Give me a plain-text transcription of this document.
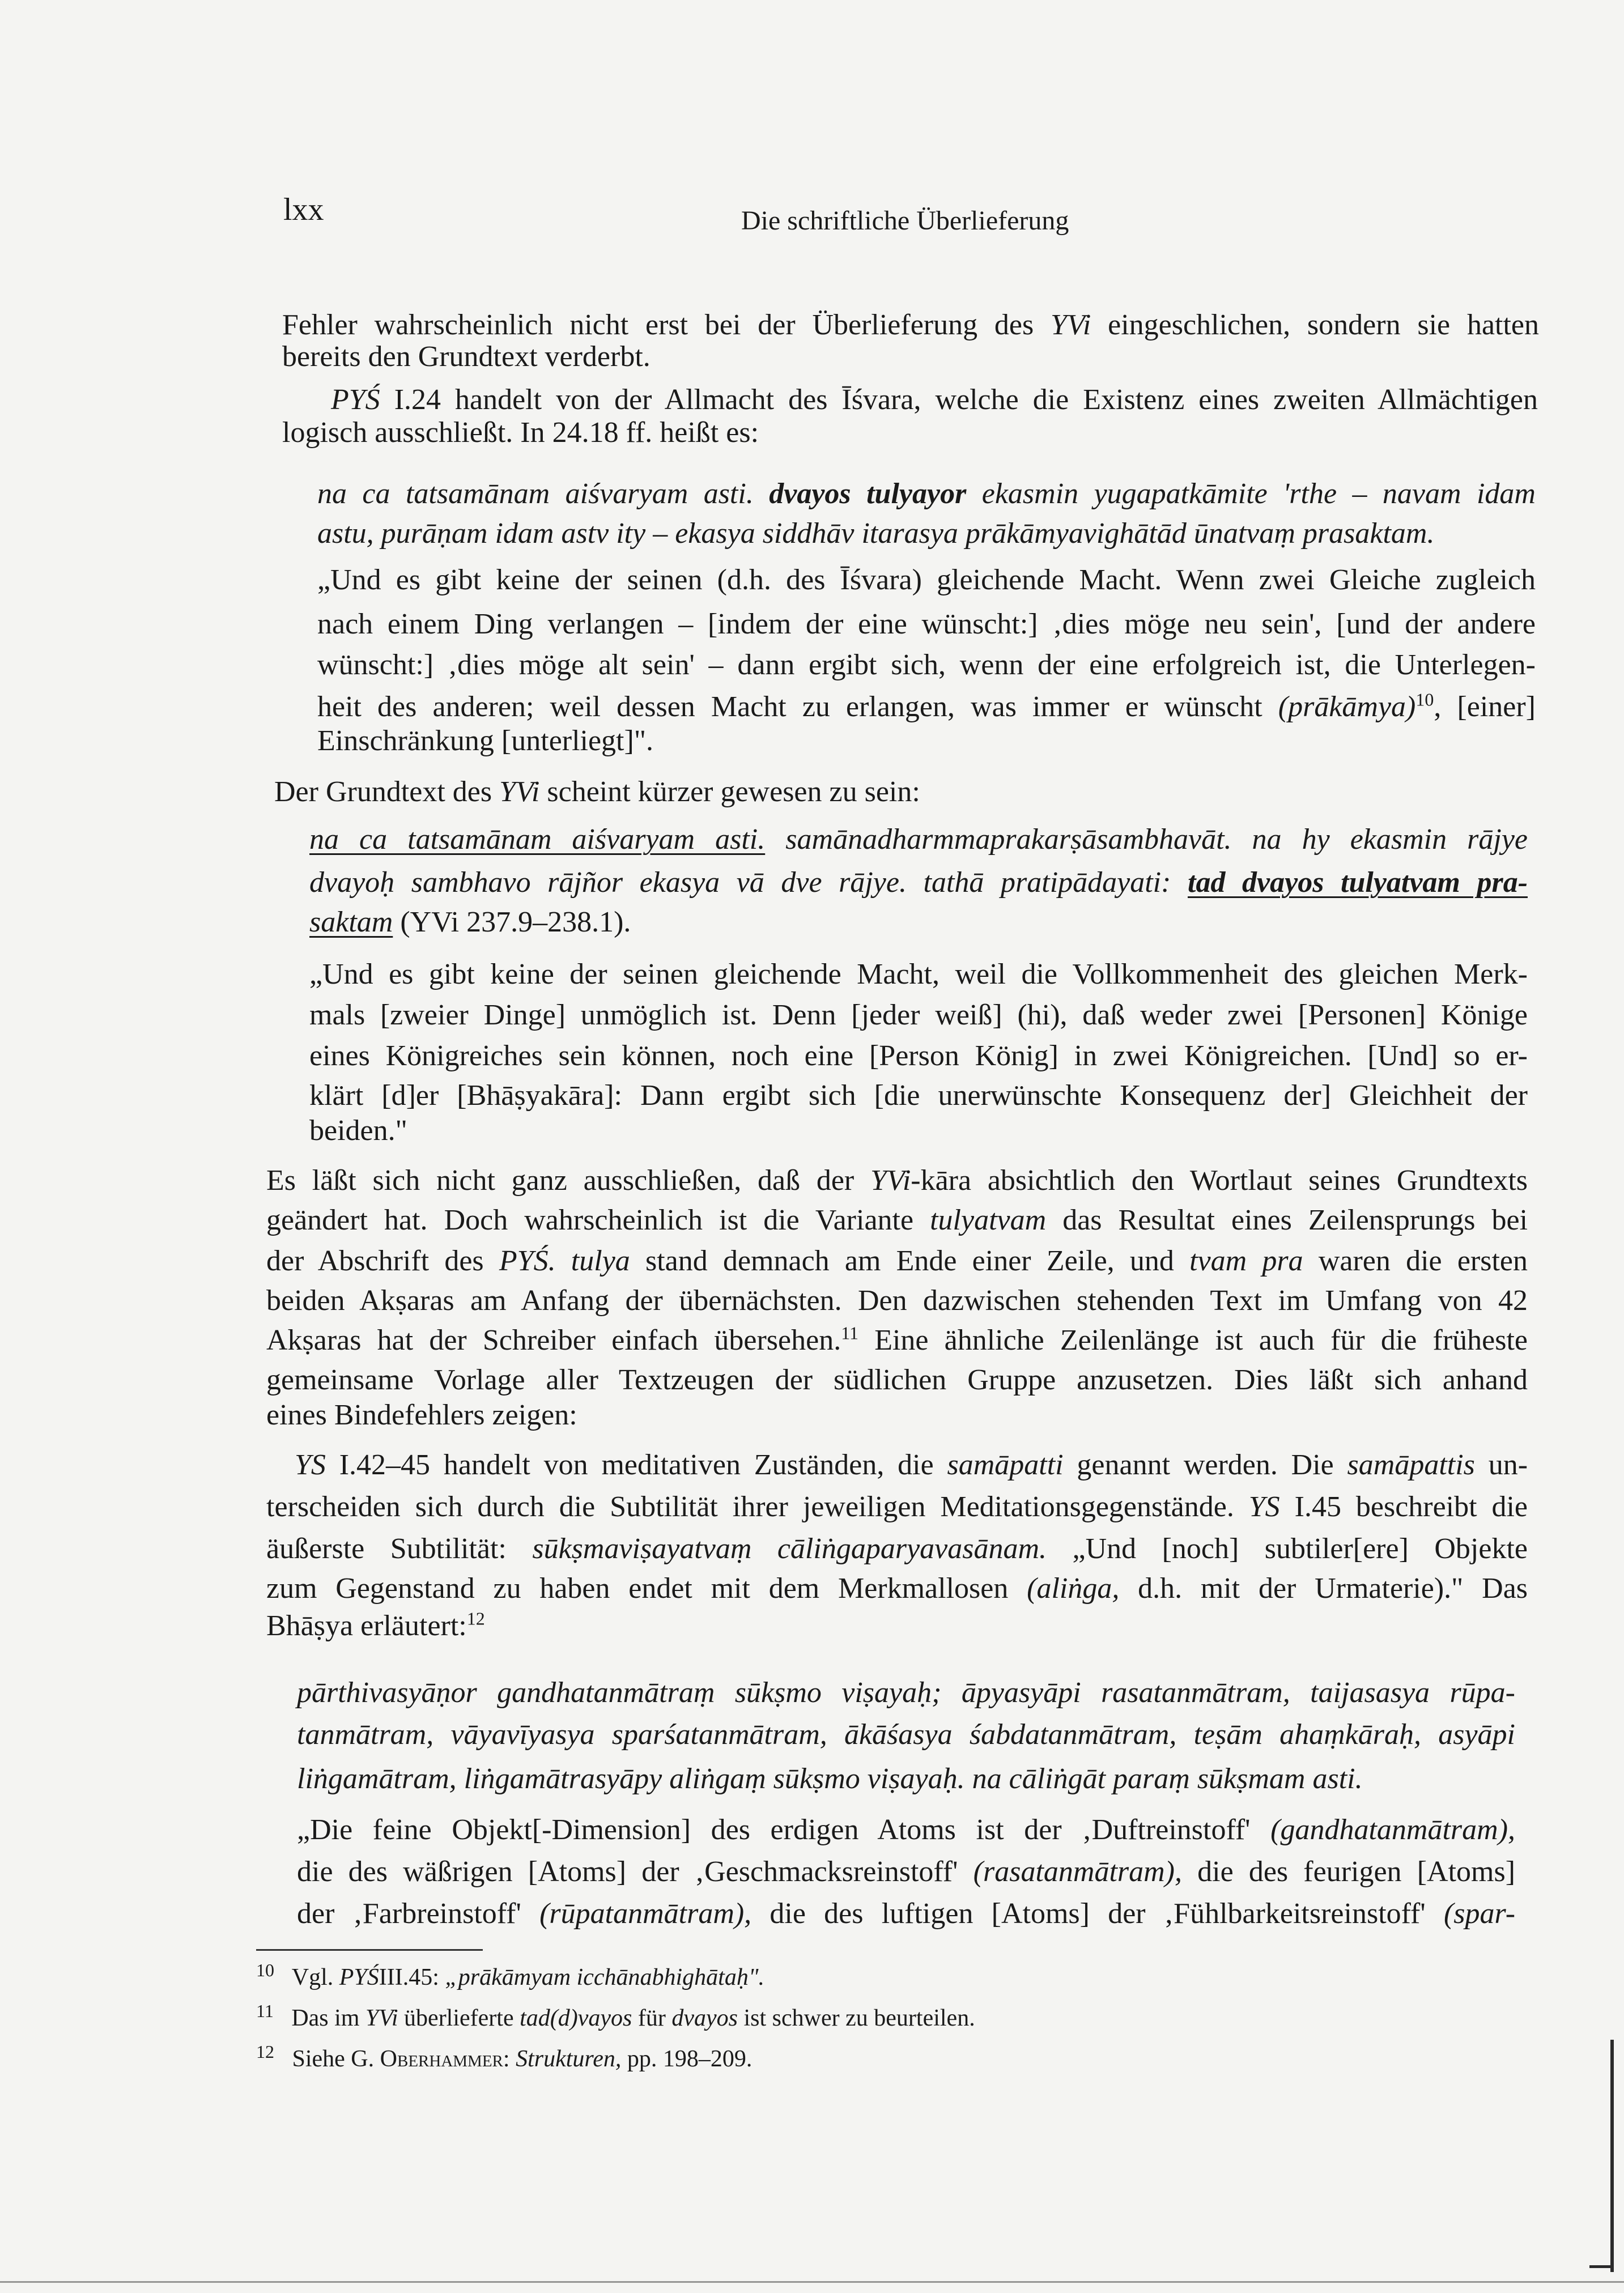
lxx	Die schriftliche Überlieferung
Fehler wahrscheinlich nicht erst bei der Überlieferung des YVi eingeschlichen, sondern sie hatten
bereits den Grundtext verderbt.
PYŚ I.24 handelt von der Allmacht des Īśvara, welche die Existenz eines zweiten Allmächtigen
logisch ausschließt. In 24.18 ff. heißt es:
na ca tatsamānam aiśvaryam asti. dvayos tulyayor ekasmin yugapatkāmite 'rthe – navam idam
astu, purāṇam idam astv ity – ekasya siddhāv itarasya prākāmyavighātād ūnatvaṃ prasaktam.
„Und es gibt keine der seinen (d.h. des Īśvara) gleichende Macht. Wenn zwei Gleiche zugleich
nach einem Ding verlangen – [indem der eine wünscht:] ‚dies möge neu sein', [und der andere
wünscht:] ‚dies möge alt sein' – dann ergibt sich, wenn der eine erfolgreich ist, die Unterlegen-
heit des anderen; weil dessen Macht zu erlangen, was immer er wünscht (prākāmya)$^{10}$, [einer]
Einschränkung [unterliegt]".
Der Grundtext des YVi scheint kürzer gewesen zu sein:
na ca tatsamānam aiśvaryam asti. samānadharmmaprakarṣāsambhavāt. na hy ekasmin rājye
dvayoḥ sambhavo rājñor ekasya vā dve rājye. tathā pratipādayati: tad dvayos tulyatvam pra-
saktam (YVi 237.9–238.1).
„Und es gibt keine der seinen gleichende Macht, weil die Vollkommenheit des gleichen Merk-
mals [zweier Dinge] unmöglich ist. Denn [jeder weiß] (hi), daß weder zwei [Personen] Könige
eines Königreiches sein können, noch eine [Person König] in zwei Königreichen. [Und] so er-
klärt [d]er [Bhāṣyakāra]: Dann ergibt sich [die unerwünschte Konsequenz der] Gleichheit der
beiden."
Es läßt sich nicht ganz ausschließen, daß der YVi-kāra absichtlich den Wortlaut seines Grundtexts
geändert hat. Doch wahrscheinlich ist die Variante tulyatvam das Resultat eines Zeilensprungs bei
der Abschrift des PYŚ. tulya stand demnach am Ende einer Zeile, und tvam pra waren die ersten
beiden Akṣaras am Anfang der übernächsten. Den dazwischen stehenden Text im Umfang von 42
Akṣaras hat der Schreiber einfach übersehen.$^{11}$ Eine ähnliche Zeilenlänge ist auch für die früheste
gemeinsame Vorlage aller Textzeugen der südlichen Gruppe anzusetzen. Dies läßt sich anhand
eines Bindefehlers zeigen:
YS I.42–45 handelt von meditativen Zuständen, die samāpatti genannt werden. Die samāpattis un-
terscheiden sich durch die Subtilität ihrer jeweiligen Meditationsgegenstände. YS I.45 beschreibt die
äußerste Subtilität: sūkṣmaviṣayatvaṃ cāliṅgaparyavasānam. „Und [noch] subtiler[ere] Objekte
zum Gegenstand zu haben endet mit dem Merkmallosen (aliṅga, d.h. mit der Urmaterie)." Das
Bhāṣya erläutert:$^{12}$
pārthivasyāṇor gandhatanmātraṃ sūkṣmo viṣayaḥ; āpyasyāpi rasatanmātram, taijasasya rūpa-
tanmātram, vāyavīyasya sparśatanmātram, ākāśasya śabdatanmātram, teṣām ahaṃkāraḥ, asyāpi
liṅgamātram, liṅgamātrasyāpy aliṅgaṃ sūkṣmo viṣayaḥ. na cāliṅgāt paraṃ sūkṣmam asti.
„Die feine Objekt[-Dimension] des erdigen Atoms ist der ‚Duftreinstoff' (gandhatanmātram),
die des wäßrigen [Atoms] der ‚Geschmacksreinstoff' (rasatanmātram), die des feurigen [Atoms]
der ‚Farbreinstoff' (rūpatanmātram), die des luftigen [Atoms] der ‚Fühlbarkeitsreinstoff' (spar-
$^{10}$ Vgl. PYŚIII.45: „prākāmyam icchānabhighātaḥ".
$^{11}$ Das im YVi überlieferte tad(d)vayos für dvayos ist schwer zu beurteilen.
$^{12}$ Siehe G. Oberhammer: Strukturen, pp. 198–209.
